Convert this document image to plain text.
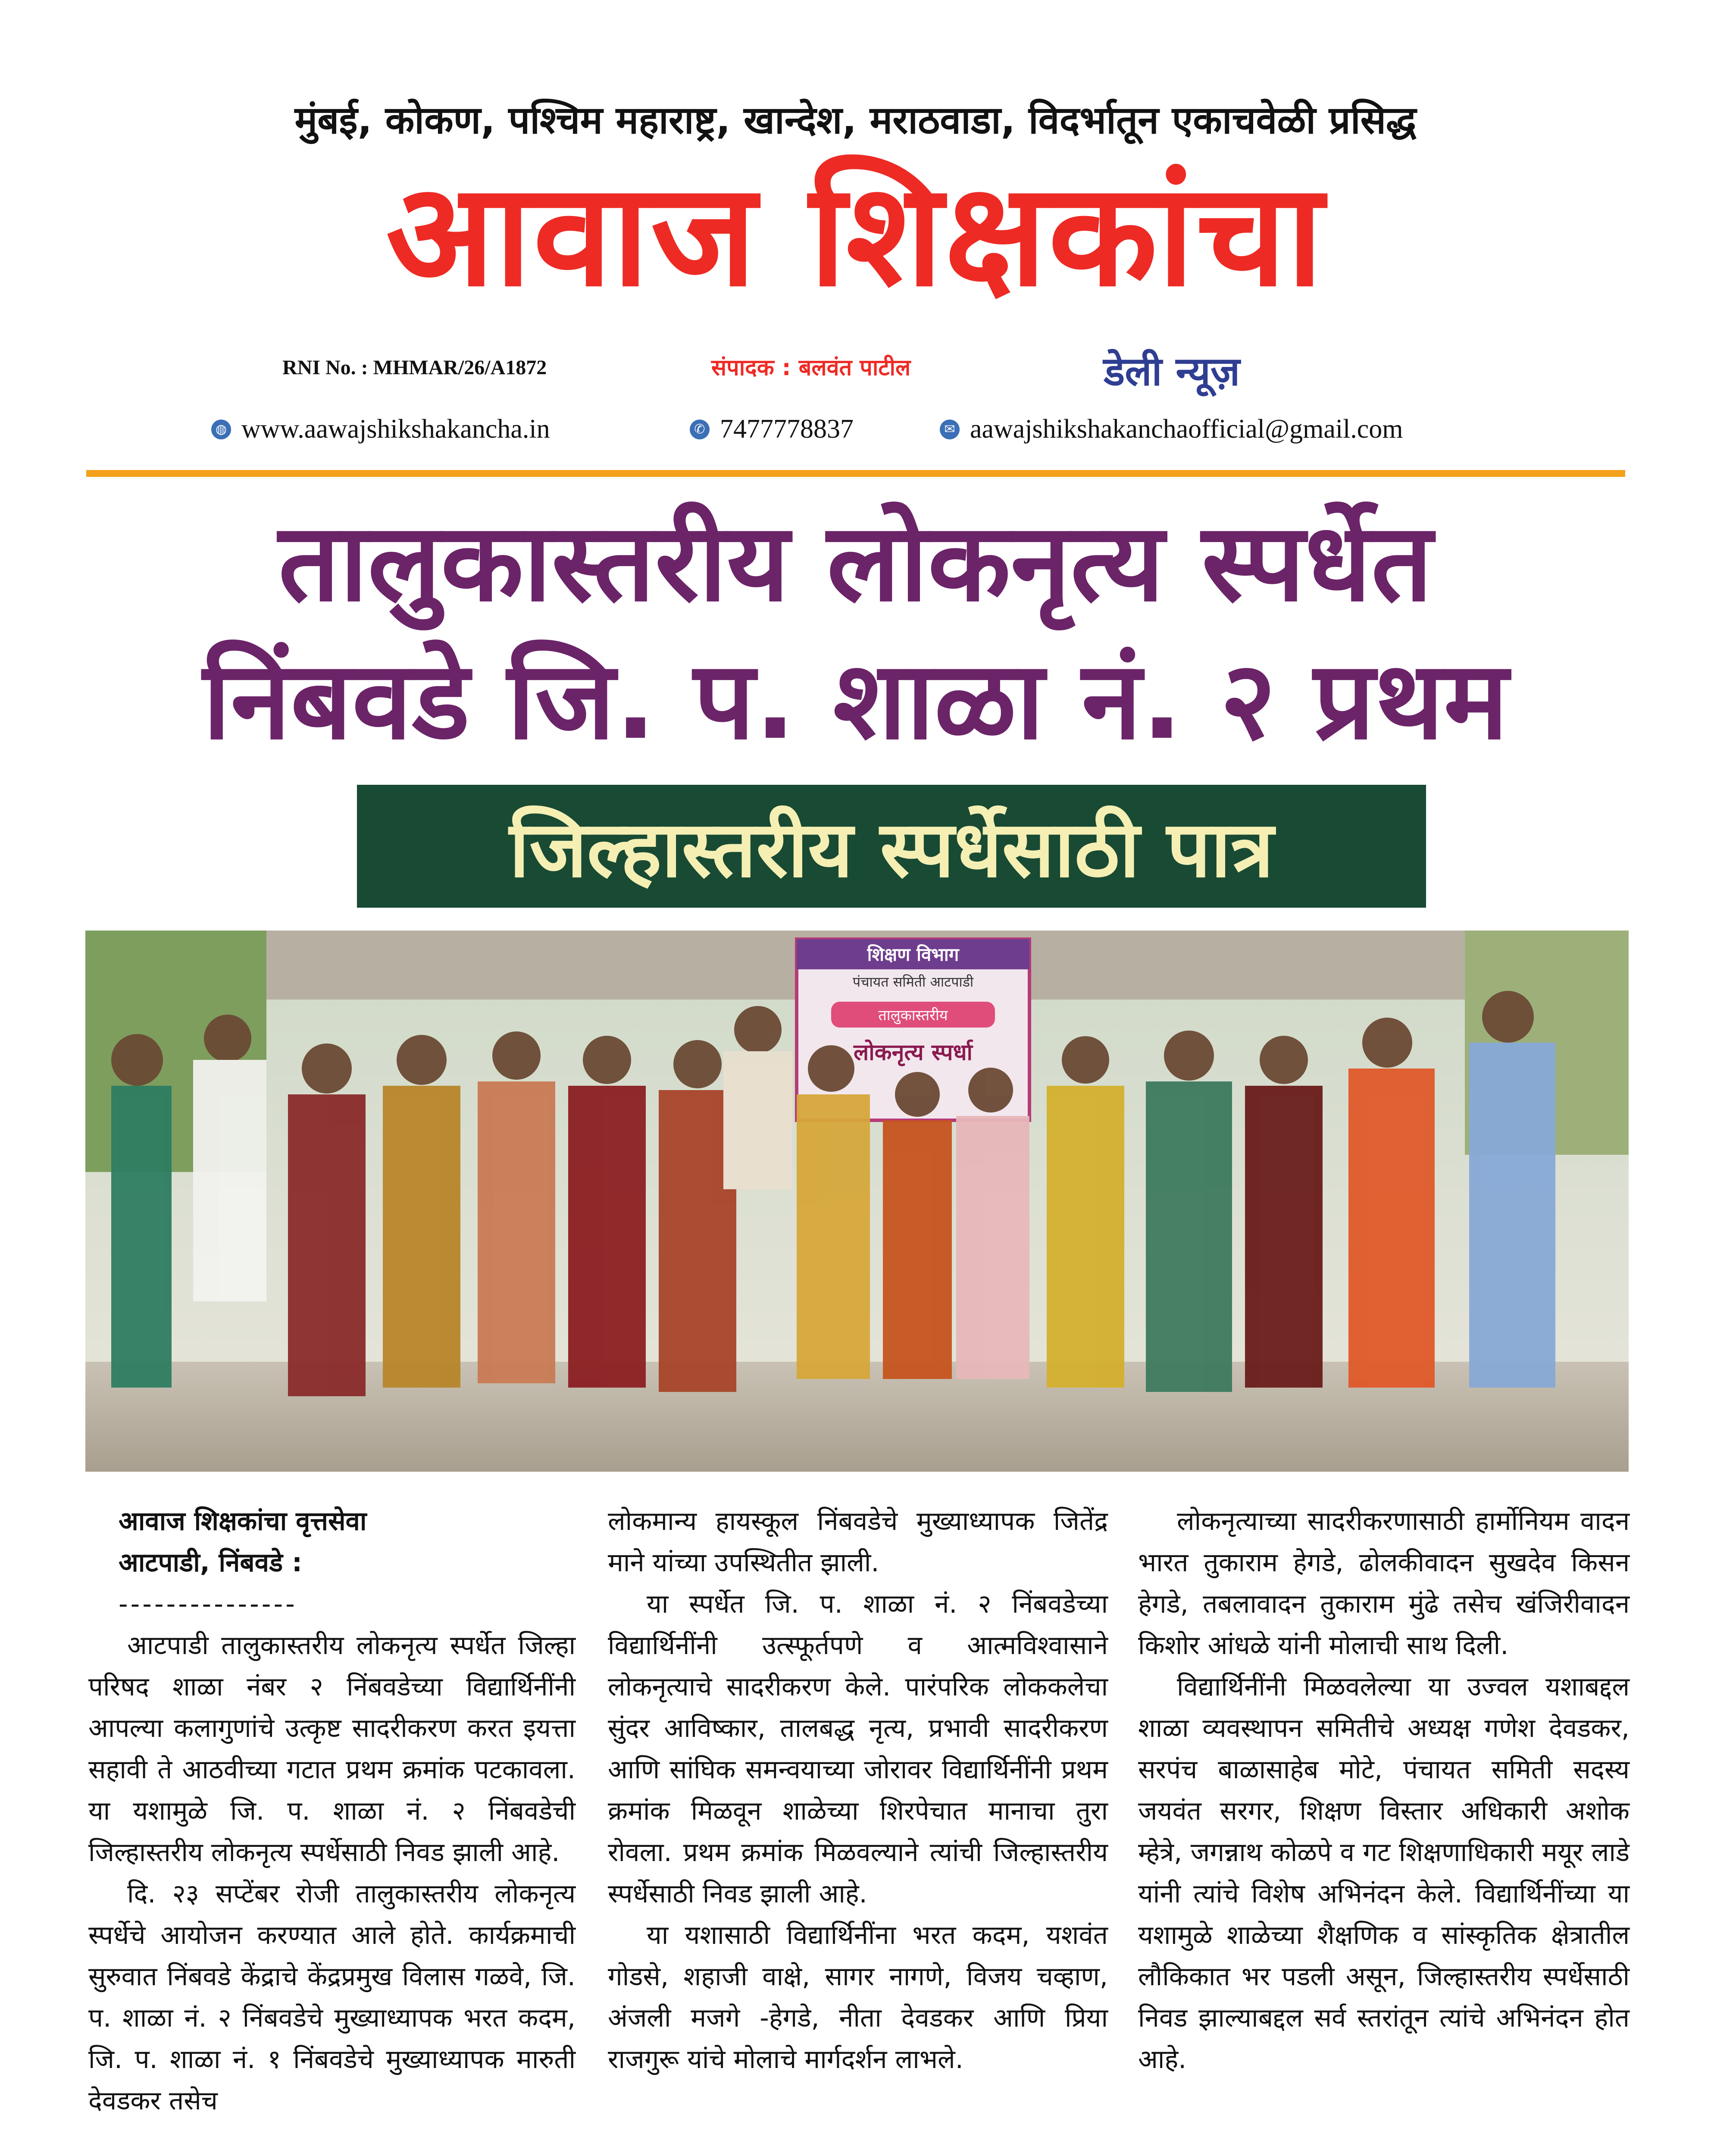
मुंबई, कोकण, पश्चिम महाराष्ट्र, खान्देश, मराठवाडा, विदर्भातून एकाचवेळी प्रसिद्ध
आवाज शिक्षकांचा
RNI No. : MHMAR/26/A1872	संपादक : बलवंत पाटील	डेली न्यूज़
◍ www.aawajshikshakancha.in	✆ 7477778837	✉ aawajshikshakanchaofficial@gmail.com
तालुकास्तरीय लोकनृत्य स्पर्धेत
निंबवडे जि. प. शाळा नं. २ प्रथम
जिल्हास्तरीय स्पर्धेसाठी पात्र
शिक्षण विभाग
पंचायत समिती आटपाडी
तालुकास्तरीय
लोकनृत्य स्पर्धा

आवाज शिक्षकांचा वृत्तसेवा

आटपाडी, निंबवडे :

---------------

आटपाडी तालुकास्तरीय लोकनृत्य स्पर्धेत जिल्हा परिषद शाळा नंबर २ निंबवडेच्या विद्यार्थिनींनी आपल्या कलागुणांचे उत्कृष्ट सादरीकरण करत इयत्ता सहावी ते आठवीच्या गटात प्रथम क्रमांक पटकावला. या यशामुळे जि. प. शाळा नं. २ निंबवडेची जिल्हास्तरीय लोकनृत्य स्पर्धेसाठी निवड झाली आहे.

दि. २३ सप्टेंबर रोजी तालुकास्तरीय लोकनृत्य स्पर्धेचे आयोजन करण्यात आले होते. कार्यक्रमाची सुरुवात निंबवडे केंद्राचे केंद्रप्रमुख विलास गळवे, जि. प. शाळा नं. २ निंबवडेचे मुख्याध्यापक भरत कदम, जि. प. शाळा नं. १ निंबवडेचे मुख्याध्यापक मारुती देवडकर तसेच

लोकमान्य हायस्कूल निंबवडेचे मुख्याध्यापक जितेंद्र माने यांच्या उपस्थितीत झाली.

या स्पर्धेत जि. प. शाळा नं. २ निंबवडेच्या विद्यार्थिनींनी उत्स्फूर्तपणे व आत्मविश्वासाने लोकनृत्याचे सादरीकरण केले. पारंपरिक लोककलेचा सुंदर आविष्कार, तालबद्ध नृत्य, प्रभावी सादरीकरण आणि सांघिक समन्वयाच्या जोरावर विद्यार्थिनींनी प्रथम क्रमांक मिळवून शाळेच्या शिरपेचात मानाचा तुरा रोवला. प्रथम क्रमांक मिळवल्याने त्यांची जिल्हास्तरीय स्पर्धेसाठी निवड झाली आहे.

या यशासाठी विद्यार्थिनींना भरत कदम, यशवंत गोडसे, शहाजी वाक्षे, सागर नागणे, विजय चव्हाण, अंजली मजगे -हेगडे, नीता देवडकर आणि प्रिया राजगुरू यांचे मोलाचे मार्गदर्शन लाभले.

लोकनृत्याच्या सादरीकरणासाठी हार्मोनियम वादन भारत तुकाराम हेगडे, ढोलकीवादन सुखदेव किसन हेगडे, तबलावादन तुकाराम मुंढे तसेच खंजिरीवादन किशोर आंधळे यांनी मोलाची साथ दिली.

विद्यार्थिनींनी मिळवलेल्या या उज्वल यशाबद्दल शाळा व्यवस्थापन समितीचे अध्यक्ष गणेश देवडकर, सरपंच बाळासाहेब मोटे, पंचायत समिती सदस्य जयवंत सरगर, शिक्षण विस्तार अधिकारी अशोक म्हेत्रे, जगन्नाथ कोळपे व गट शिक्षणाधिकारी मयूर लाडे यांनी त्यांचे विशेष अभिनंदन केले. विद्यार्थिनींच्या या यशामुळे शाळेच्या शैक्षणिक व सांस्कृतिक क्षेत्रातील लौकिकात भर पडली असून, जिल्हास्तरीय स्पर्धेसाठी निवड झाल्याबद्दल सर्व स्तरांतून त्यांचे अभिनंदन होत आहे.
